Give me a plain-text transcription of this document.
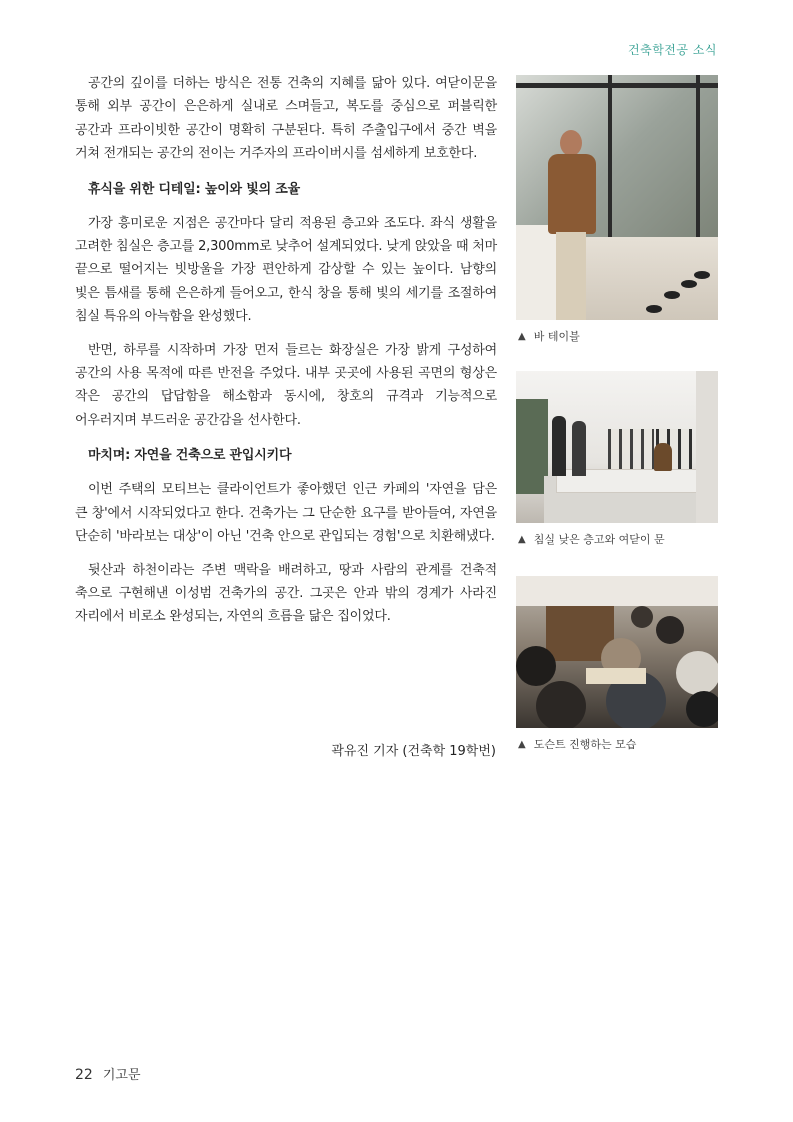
건축학전공 소식

공간의 깊이를 더하는 방식은 전통 건축의 지혜를 닮아 있다. 여닫이문을 통해 외부 공간이 은은하게 실내로 스며들고, 복도를 중심으로 퍼블릭한 공간과 프라이빗한 공간이 명확히 구분된다. 특히 주출입구에서 중간 벽을 거쳐 전개되는 공간의 전이는 거주자의 프라이버시를 섬세하게 보호한다.

휴식을 위한 디테일: 높이와 빛의 조율

가장 흥미로운 지점은 공간마다 달리 적용된 층고와 조도다. 좌식 생활을 고려한 침실은 층고를 2,300mm로 낮추어 설계되었다. 낮게 앉았을 때 처마 끝으로 떨어지는 빗방울을 가장 편안하게 감상할 수 있는 높이다. 남향의 빛은 틈새를 통해 은은하게 들어오고, 한식 창을 통해 빛의 세기를 조절하여 침실 특유의 아늑함을 완성했다.

반면, 하루를 시작하며 가장 먼저 들르는 화장실은 가장 밝게 구성하여 공간의 사용 목적에 따른 반전을 주었다. 내부 곳곳에 사용된 곡면의 형상은 작은 공간의 답답함을 해소함과 동시에, 창호의 규격과 기능적으로 어우러지며 부드러운 공간감을 선사한다.

마치며: 자연을 건축으로 관입시키다

이번 주택의 모티브는 클라이언트가 좋아했던 인근 카페의 '자연을 담은 큰 창'에서 시작되었다고 한다. 건축가는 그 단순한 요구를 받아들여, 자연을 단순히 '바라보는 대상'이 아닌 '건축 안으로 관입되는 경험'으로 치환해냈다.

뒷산과 하천이라는 주변 맥락을 배려하고, 땅과 사람의 관계를 건축적 축으로 구현해낸 이성범 건축가의 공간. 그곳은 안과 밖의 경계가 사라진 자리에서 비로소 완성되는, 자연의 흐름을 닮은 집이었다.

곽유진 기자 (건축학 19학번)
▲ 바 테이블
▲ 침실 낮은 층고와 여닫이 문
▲ 도슨트 진행하는 모습
22 기고문
